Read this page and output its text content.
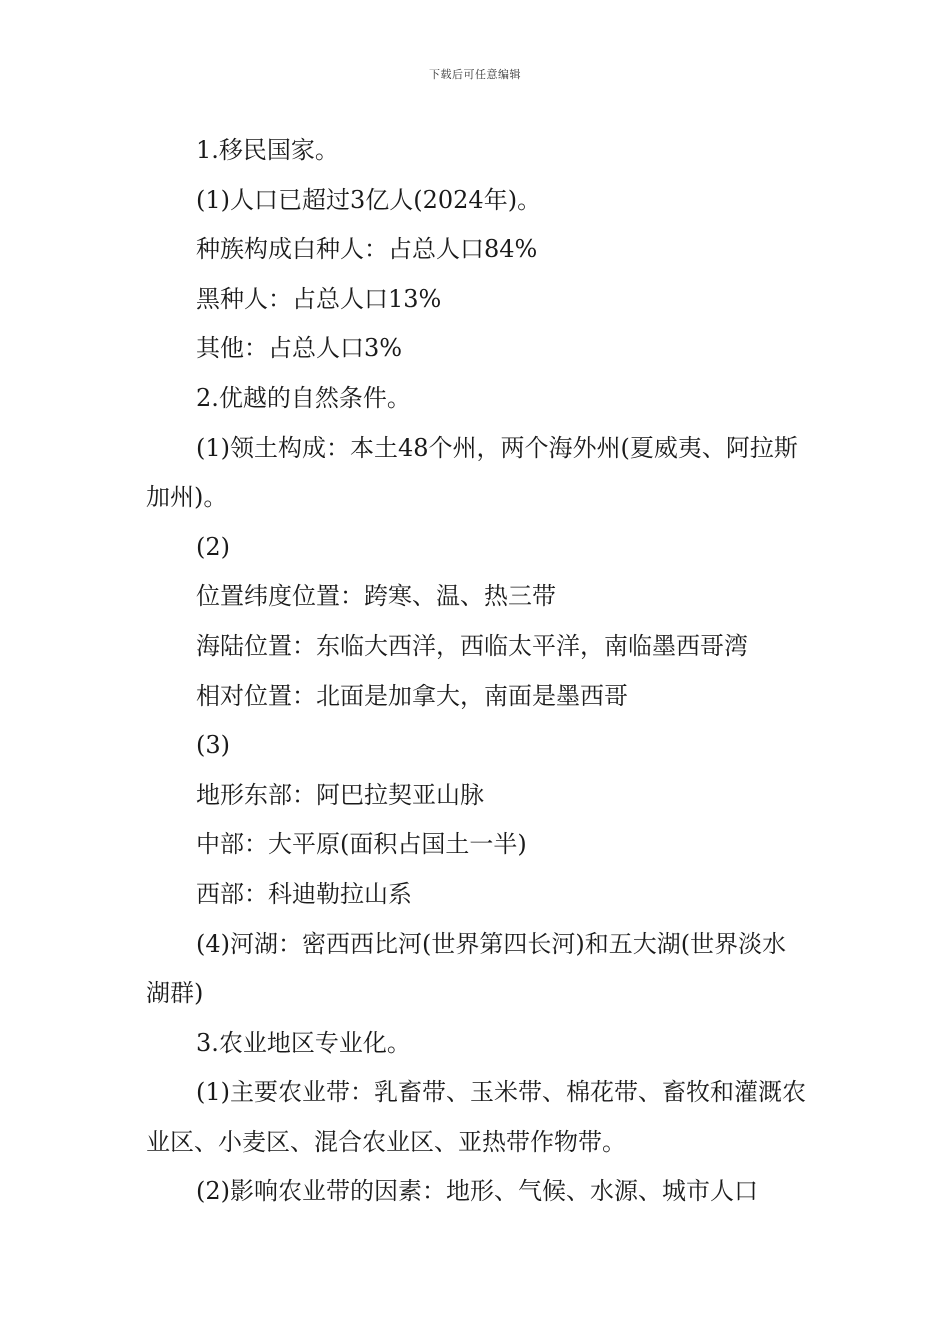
下载后可任意编辑

1.移民国家。

(1)人口已超过3亿人(2024年)。

种族构成白种人：占总人口84%

黑种人：占总人口13%

其他：占总人口3%

2.优越的自然条件。

(1)领土构成：本土48个州，两个海外州(夏威夷、阿拉斯加州)。

(2)

位置纬度位置：跨寒、温、热三带

海陆位置：东临大西洋，西临太平洋，南临墨西哥湾

相对位置：北面是加拿大，南面是墨西哥

(3)

地形东部：阿巴拉契亚山脉

中部：大平原(面积占国土一半)

西部：科迪勒拉山系

(4)河湖：密西西比河(世界第四长河)和五大湖(世界淡水湖群)

3.农业地区专业化。

(1)主要农业带：乳畜带、玉米带、棉花带、畜牧和灌溉农业区、小麦区、混合农业区、亚热带作物带。

(2)影响农业带的因素：地形、气候、水源、城市人口
